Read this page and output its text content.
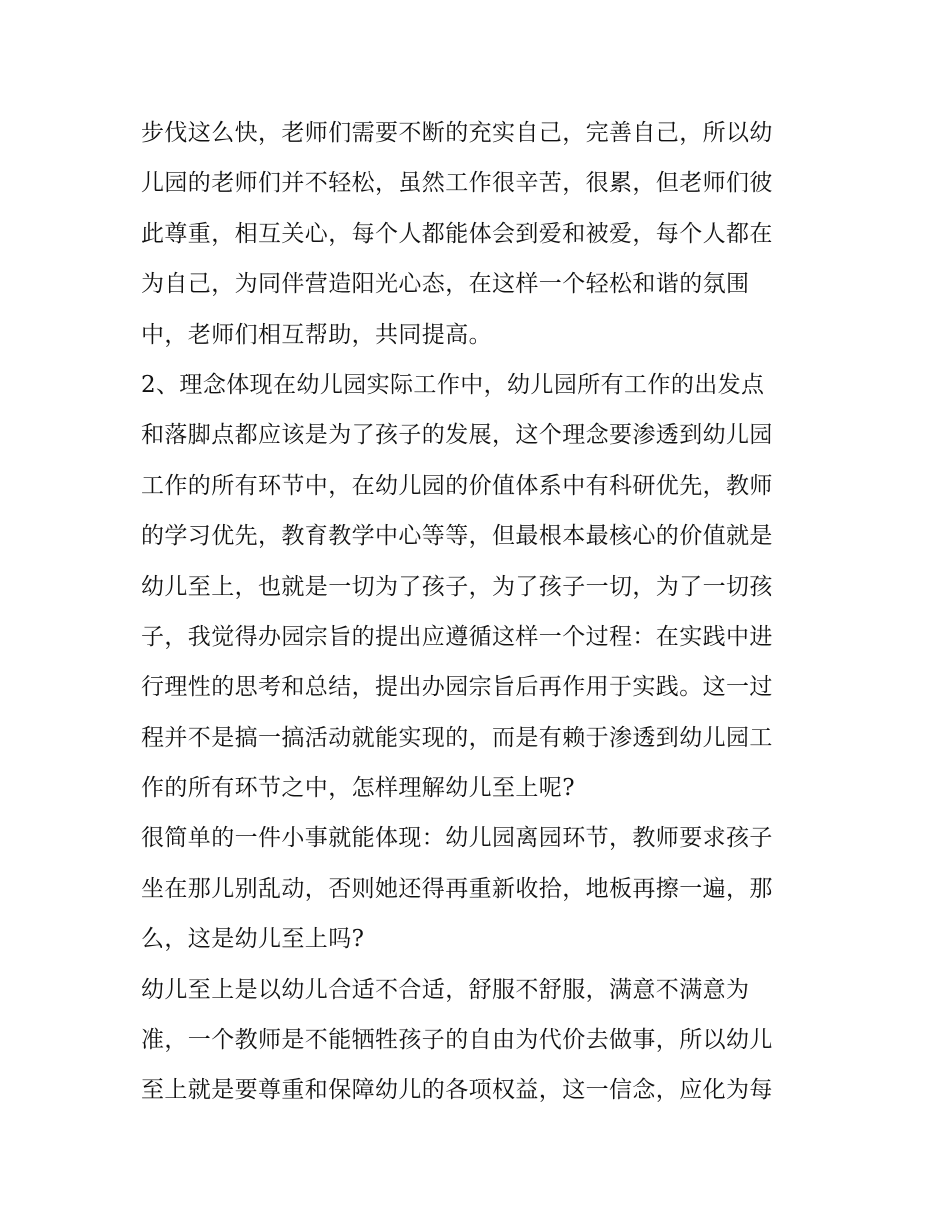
步伐这么快，老师们需要不断的充实自己，完善自己，所以幼
儿园的老师们并不轻松，虽然工作很辛苦，很累，但老师们彼
此尊重，相互关心，每个人都能体会到爱和被爱，每个人都在
为自己，为同伴营造阳光心态，在这样一个轻松和谐的氛围
中，老师们相互帮助，共同提高。
2、理念体现在幼儿园实际工作中，幼儿园所有工作的出发点
和落脚点都应该是为了孩子的发展，这个理念要渗透到幼儿园
工作的所有环节中，在幼儿园的价值体系中有科研优先，教师
的学习优先，教育教学中心等等，但最根本最核心的价值就是
幼儿至上，也就是一切为了孩子，为了孩子一切，为了一切孩
子，我觉得办园宗旨的提出应遵循这样一个过程：在实践中进
行理性的思考和总结，提出办园宗旨后再作用于实践。这一过
程并不是搞一搞活动就能实现的，而是有赖于渗透到幼儿园工
作的所有环节之中，怎样理解幼儿至上呢?
很简单的一件小事就能体现：幼儿园离园环节，教师要求孩子
坐在那儿别乱动，否则她还得再重新收拾，地板再擦一遍，那
么，这是幼儿至上吗?
幼儿至上是以幼儿合适不合适，舒服不舒服，满意不满意为
准，一个教师是不能牺牲孩子的自由为代价去做事，所以幼儿
至上就是要尊重和保障幼儿的各项权益，这一信念，应化为每
